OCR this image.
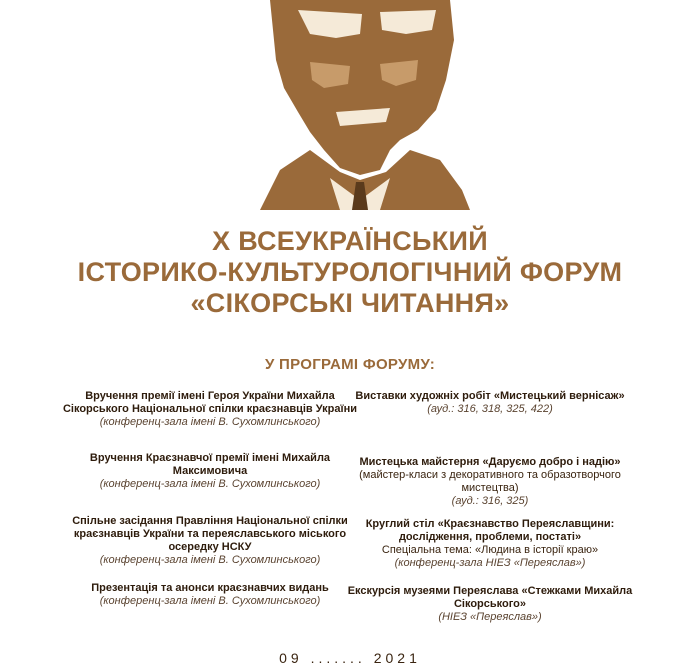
X ВСЕУКРАЇНСЬКИЙ
ІСТОРИКО-КУЛЬТУРОЛОГІЧНИЙ ФОРУМ
«СІКОРСЬКІ ЧИТАННЯ»
У ПРОГРАМІ ФОРУМУ:
Вручення премії імені Героя України Михайла Сікорського Національної спілки краєзнавців України
(конференц-зала імені В. Сухомлинського)
Вручення Краєзнавчої премії імені Михайла Максимовича
(конференц-зала імені В. Сухомлинського)
Спільне засідання Правління Національної спілки краєзнавців України та переяславського міського осередку НСКУ
(конференц-зала імені В. Сухомлинського)
Презентація та анонси краєзнавчих видань
(конференц-зала імені В. Сухомлинського)
Виставки художніх робіт «Мистецький вернісаж»
(ауд.: 316, 318, 325, 422)
Мистецька майстерня «Даруємо добро і надію»
(майстер-класи з декоративного та образотворчого мистецтва)
(ауд.: 316, 325)
Круглий стіл «Краєзнавство Переяславщини: дослідження, проблеми, постаті»
Спеціальна тема: «Людина в історії краю»
(конференц-зала НІЕЗ «Переяслав»)
Екскурсія музеями Переяслава «Стежками Михайла Сікорського»
(НІЕЗ «Переяслав»)
09 ....... 2021
